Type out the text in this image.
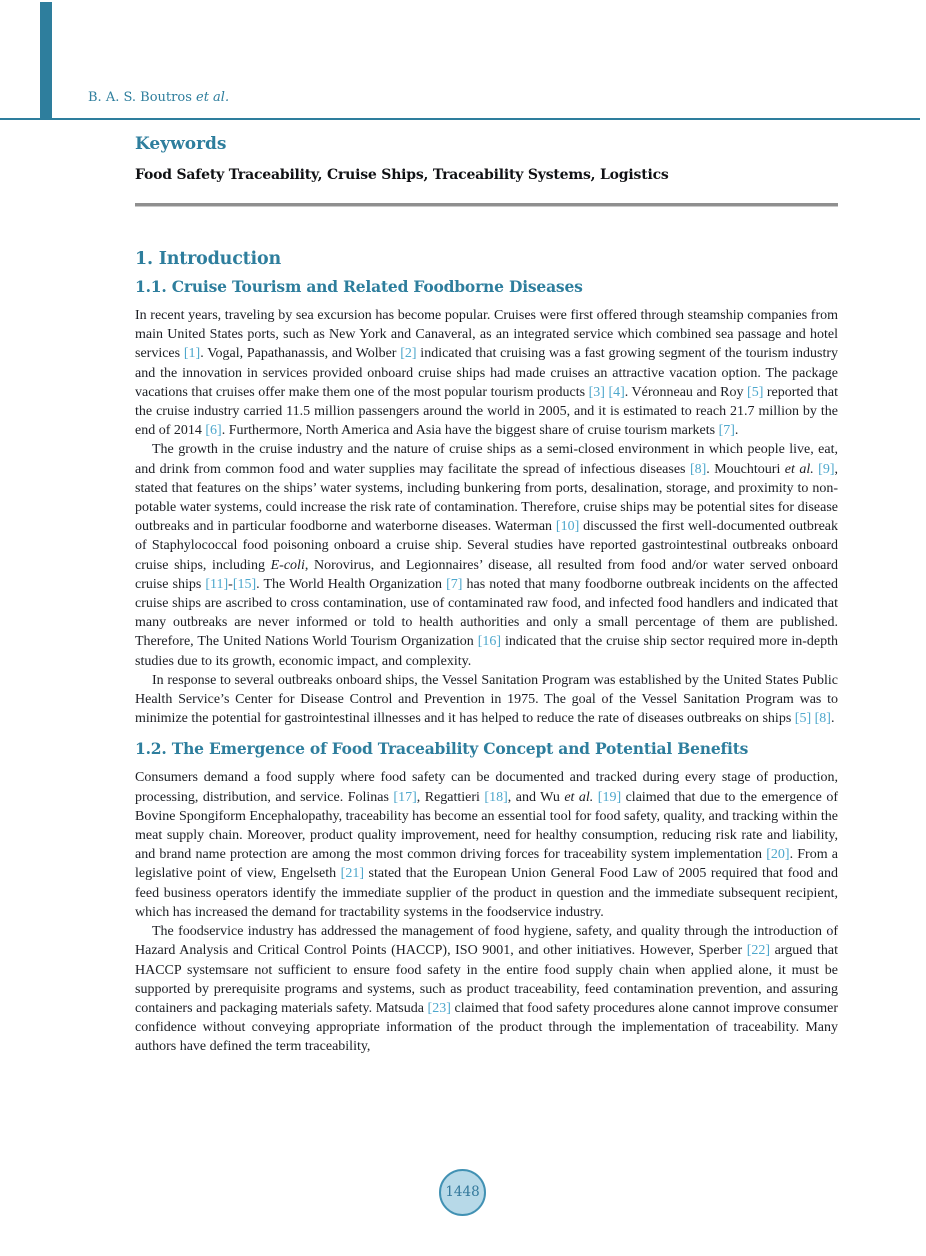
B. A. S. Boutros et al.
Keywords
Food Safety Traceability, Cruise Ships, Traceability Systems, Logistics
1. Introduction
1.1. Cruise Tourism and Related Foodborne Diseases

In recent years, traveling by sea excursion has become popular. Cruises were first offered through steamship companies from main United States ports, such as New York and Canaveral, as an integrated service which combined sea passage and hotel services [1]. Vogal, Papathanassis, and Wolber [2] indicated that cruising was a fast growing segment of the tourism industry and the innovation in services provided onboard cruise ships had made cruises an attractive vacation option. The package vacations that cruises offer make them one of the most popular tourism products [3] [4]. Véronneau and Roy [5] reported that the cruise industry carried 11.5 million passengers around the world in 2005, and it is estimated to reach 21.7 million by the end of 2014 [6]. Furthermore, North America and Asia have the biggest share of cruise tourism markets [7].

The growth in the cruise industry and the nature of cruise ships as a semi-closed environment in which people live, eat, and drink from common food and water supplies may facilitate the spread of infectious diseases [8]. Mouchtouri et al. [9], stated that features on the ships’ water systems, including bunkering from ports, desalination, storage, and proximity to non-potable water systems, could increase the risk rate of contamination. Therefore, cruise ships may be potential sites for disease outbreaks and in particular foodborne and waterborne diseases. Waterman [10] discussed the first well-documented outbreak of Staphylococcal food poisoning onboard a cruise ship. Several studies have reported gastrointestinal outbreaks onboard cruise ships, including E-coli, Norovirus, and Legionnaires’ disease, all resulted from food and/or water served onboard cruise ships [11]-[15]. The World Health Organization [7] has noted that many foodborne outbreak incidents on the affected cruise ships are ascribed to cross contamination, use of contaminated raw food, and infected food handlers and indicated that many outbreaks are never informed or told to health authorities and only a small percentage of them are published. Therefore, The United Nations World Tourism Organization [16] indicated that the cruise ship sector required more in-depth studies due to its growth, economic impact, and complexity.

In response to several outbreaks onboard ships, the Vessel Sanitation Program was established by the United States Public Health Service’s Center for Disease Control and Prevention in 1975. The goal of the Vessel Sanitation Program was to minimize the potential for gastrointestinal illnesses and it has helped to reduce the rate of diseases outbreaks on ships [5] [8].

1.2. The Emergence of Food Traceability Concept and Potential Benefits

Consumers demand a food supply where food safety can be documented and tracked during every stage of production, processing, distribution, and service. Folinas [17], Regattieri [18], and Wu et al. [19] claimed that due to the emergence of Bovine Spongiform Encephalopathy, traceability has become an essential tool for food safety, quality, and tracking within the meat supply chain. Moreover, product quality improvement, need for healthy consumption, reducing risk rate and liability, and brand name protection are among the most common driving forces for traceability system implementation [20]. From a legislative point of view, Engelseth [21] stated that the European Union General Food Law of 2005 required that food and feed business operators identify the immediate supplier of the product in question and the immediate subsequent recipient, which has increased the demand for tractability systems in the foodservice industry.

The foodservice industry has addressed the management of food hygiene, safety, and quality through the introduction of Hazard Analysis and Critical Control Points (HACCP), ISO 9001, and other initiatives. However, Sperber [22] argued that HACCP systemsare not sufficient to ensure food safety in the entire food supply chain when applied alone, it must be supported by prerequisite programs and systems, such as product traceability, feed contamination prevention, and assuring containers and packaging materials safety. Matsuda [23] claimed that food safety procedures alone cannot improve consumer confidence without conveying appropriate information of the product through the implementation of traceability. Many authors have defined the term traceability,

1448
